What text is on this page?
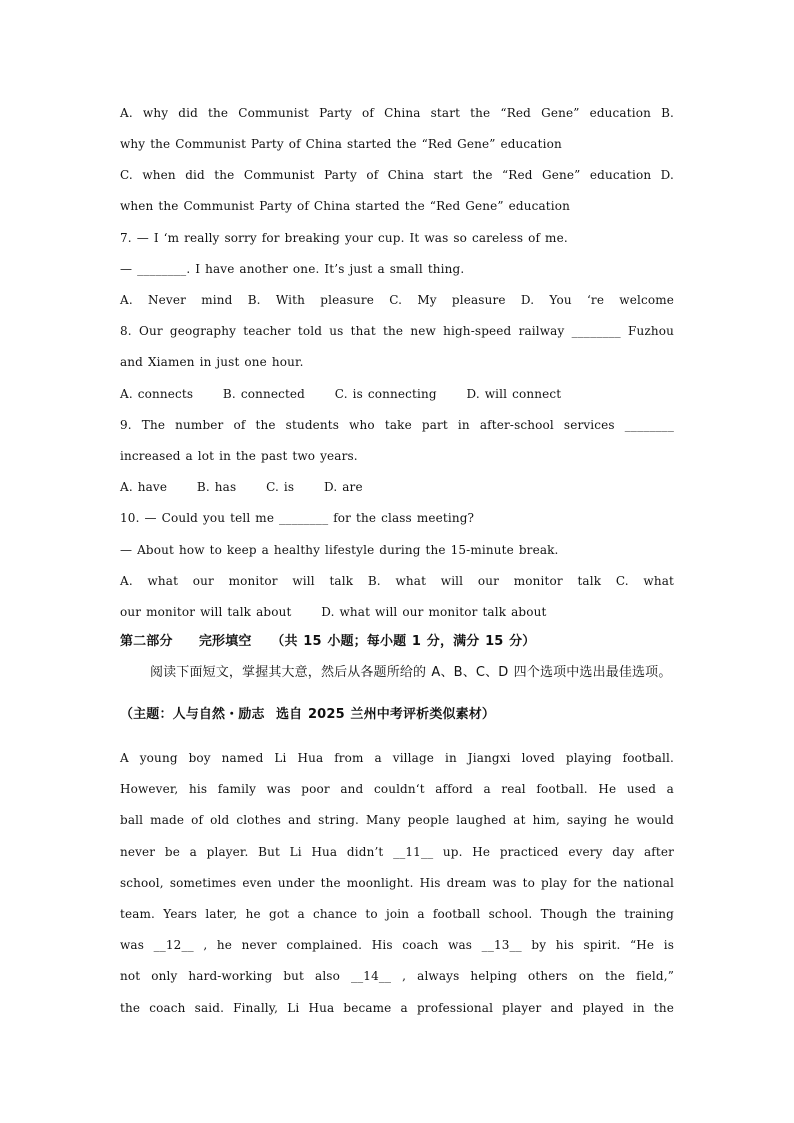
A. why did the Communist Party of China start the “Red Gene” education B.
why the Communist Party of China started the “Red Gene” education
C. when did the Communist Party of China start the “Red Gene” education D.
when the Communist Party of China started the “Red Gene” education
7. — I ‘m really sorry for breaking your cup. It was so careless of me.
— ________. I have another one. It’s just a small thing.
A. Never mind B. With pleasure C. My pleasure D. You ‘re welcome
8. Our geography teacher told us that the new high-speed railway ________ Fuzhou
and Xiamen in just one hour.
A. connects      B. connected      C. is connecting      D. will connect
9. The number of the students who take part in after-school services ________
increased a lot in the past two years.
A. have      B. has      C. is      D. are
10. — Could you tell me ________ for the class meeting?
— About how to keep a healthy lifestyle during the 15-minute break.
A. what our monitor will talk B. what will our monitor talk C. what
our monitor will talk about      D. what will our monitor talk about
第二部分　　完形填空　　（共 15 小题；每小题 1 分，满分 15 分）
阅读下面短文，掌握其大意，然后从各题所给的 A、B、C、D 四个选项中选出最佳选项。
（主题：人与自然・励志  选自 2025 兰州中考评析类似素材）
A young boy named Li Hua from a village in Jiangxi loved playing football.
However, his family was poor and couldn‘t afford a real football. He used a
ball made of old clothes and string. Many people laughed at him, saying he would
never be a player. But Li Hua didn’t __11__ up. He practiced every day after
school, sometimes even under the moonlight. His dream was to play for the national
team. Years later, he got a chance to join a football school. Though the training
was __12__ , he never complained. His coach was __13__ by his spirit. “He is
not only hard-working but also __14__ , always helping others on the field,”
the coach said. Finally, Li Hua became a professional player and played in the
